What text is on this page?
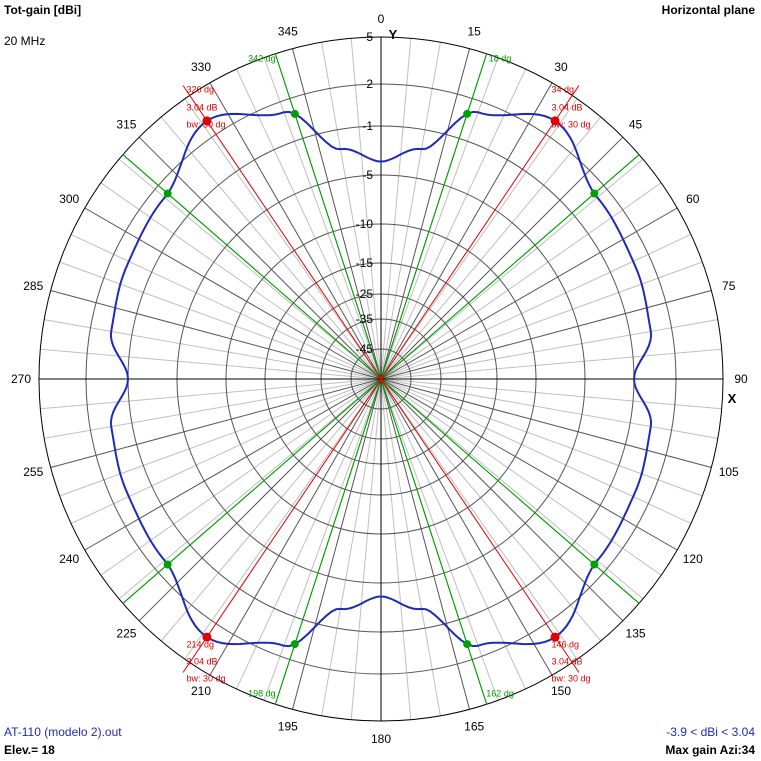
0
15
30
45
60
75
90
105
120
135
150
165
180
195
210
225
240
255
270
285
300
315
330
345	5
2
-1
-5
-10
-15
-25
-35
-45
Y
X
18 dg
162 dg
198 dg
342 dg
34 dg
3.04 dB
bw: 30 dg
146 dg
3.04 dB
bw: 30 dg
214 dg
3.04 dB
bw: 30 dg
326 dg
3.04 dB
bw: 30 dg
Tot-gain [dBi]	Horizontal plane
20 MHz
AT-110 (modelo 2).out
Elev.= 18
-3.9 < dBi < 3.04
Max gain Azi:34
